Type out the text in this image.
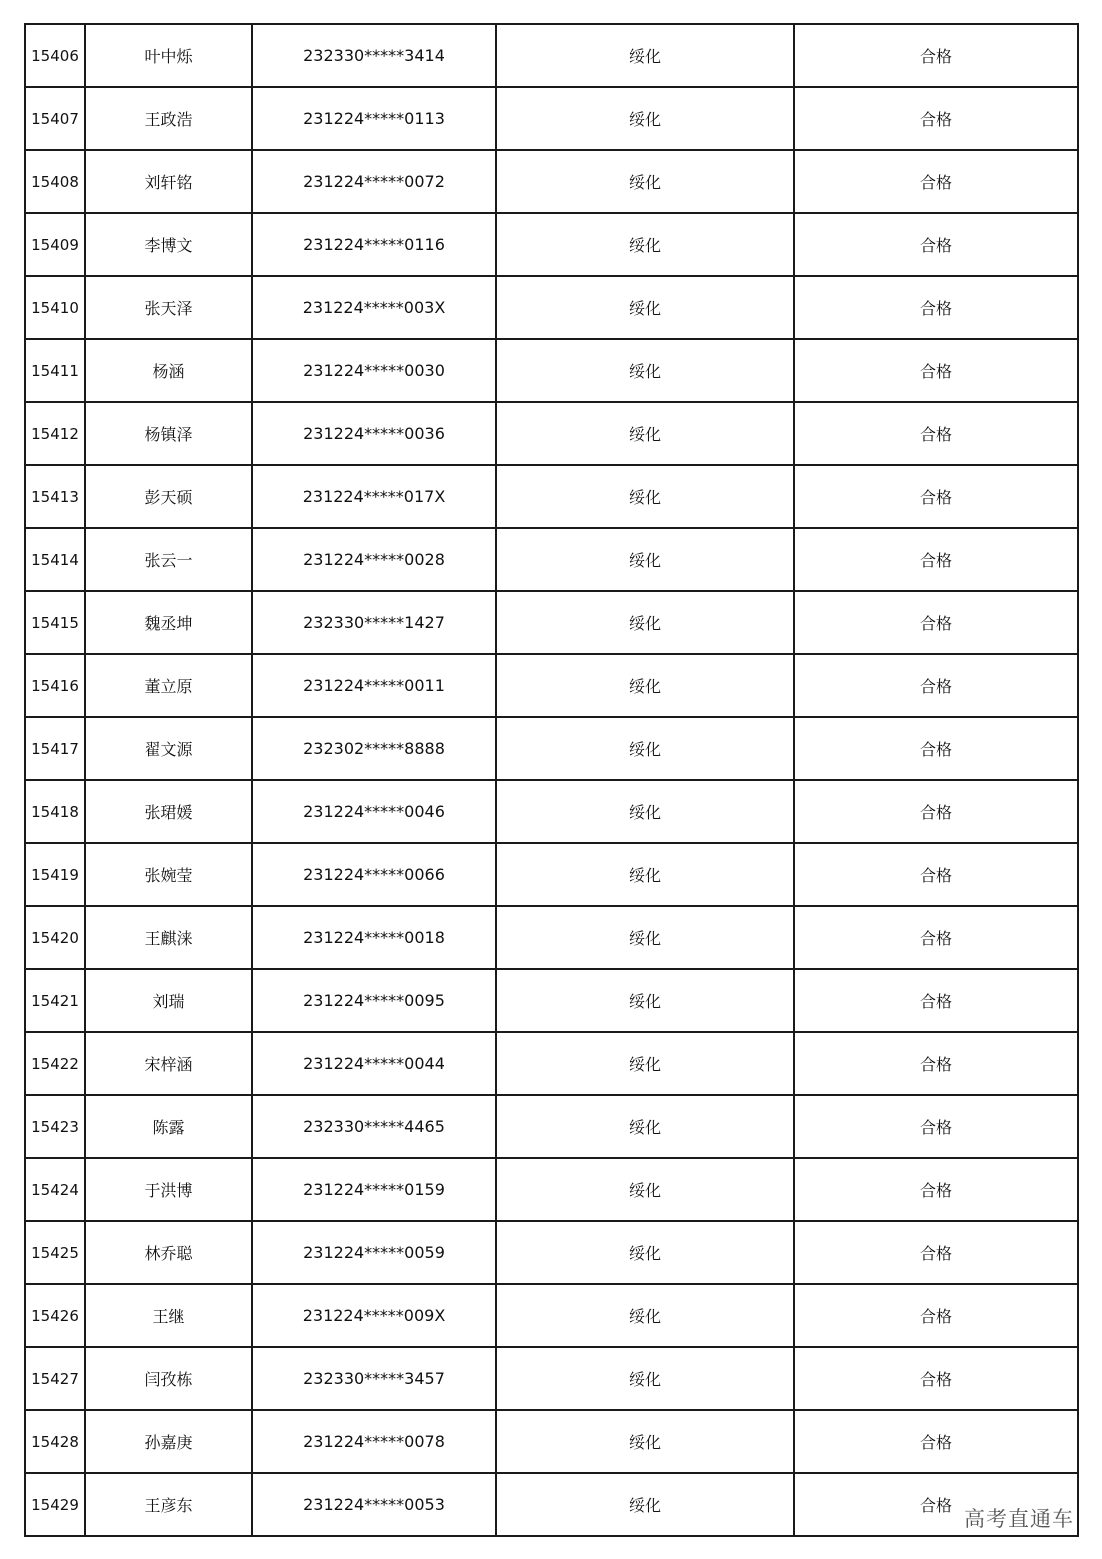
15406	叶中烁	232330*****3414	绥化	合格
15407	王政浩	231224*****0113	绥化	合格
15408	刘轩铭	231224*****0072	绥化	合格
15409	李博文	231224*****0116	绥化	合格
15410	张天泽	231224*****003X	绥化	合格
15411	杨涵	231224*****0030	绥化	合格
15412	杨镇泽	231224*****0036	绥化	合格
15413	彭天硕	231224*****017X	绥化	合格
15414	张云一	231224*****0028	绥化	合格
15415	魏丞坤	232330*****1427	绥化	合格
15416	董立原	231224*****0011	绥化	合格
15417	翟文源	232302*****8888	绥化	合格
15418	张珺媛	231224*****0046	绥化	合格
15419	张婉莹	231224*****0066	绥化	合格
15420	王麒涞	231224*****0018	绥化	合格
15421	刘瑞	231224*****0095	绥化	合格
15422	宋梓涵	231224*****0044	绥化	合格
15423	陈露	232330*****4465	绥化	合格
15424	于洪博	231224*****0159	绥化	合格
15425	林乔聪	231224*****0059	绥化	合格
15426	王继	231224*****009X	绥化	合格
15427	闫孜栋	232330*****3457	绥化	合格
15428	孙嘉庚	231224*****0078	绥化	合格
15429	王彦东	231224*****0053	绥化	合格
高考直通车
